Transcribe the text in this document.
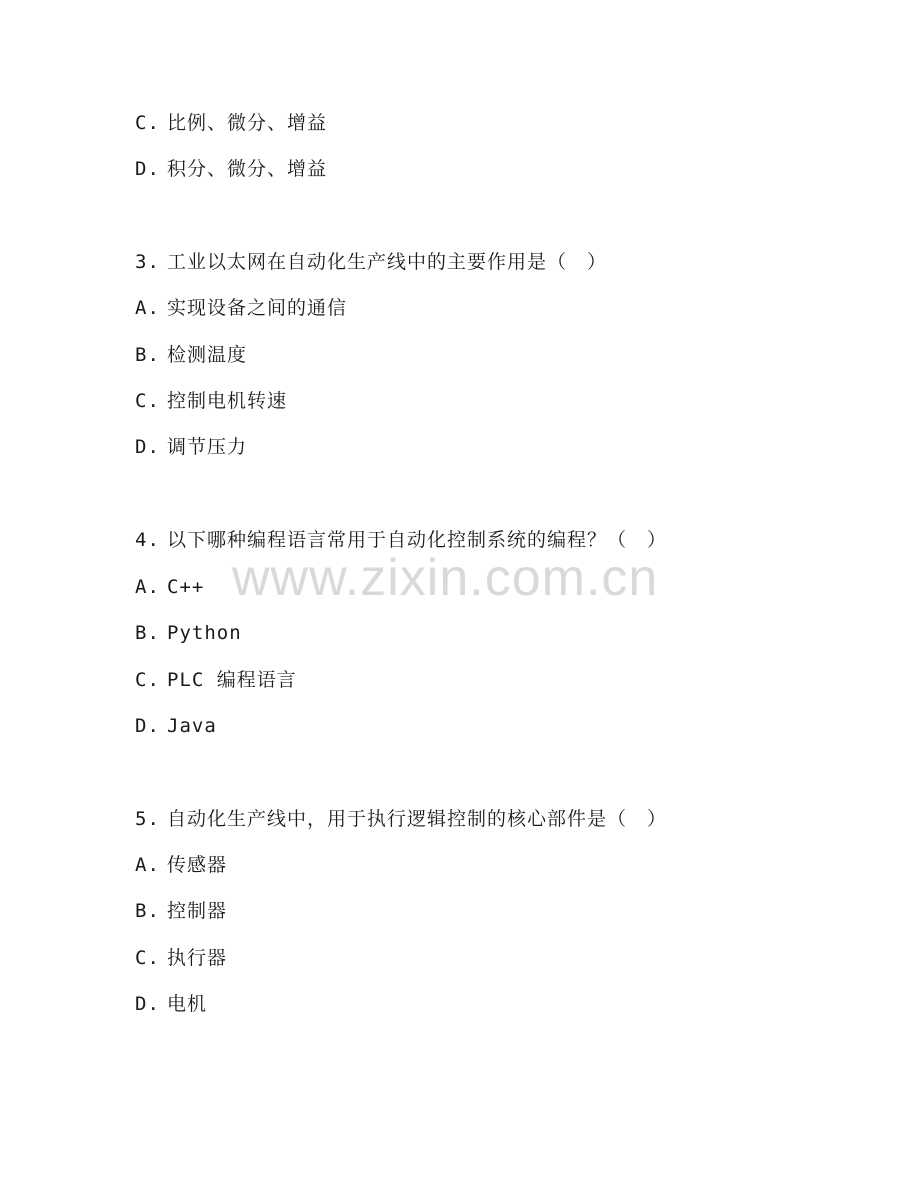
C. 比例、微分、增益
D. 积分、微分、增益
3. 工业以太网在自动化生产线中的主要作用是（　）
A. 实现设备之间的通信
B. 检测温度
C. 控制电机转速
D. 调节压力
4. 以下哪种编程语言常用于自动化控制系统的编程？（　）
A. C++
B. Python
C. PLC 编程语言
D. Java
5. 自动化生产线中，用于执行逻辑控制的核心部件是（　）
A. 传感器
B. 控制器
C. 执行器
D. 电机
www.zixin.com.cn
